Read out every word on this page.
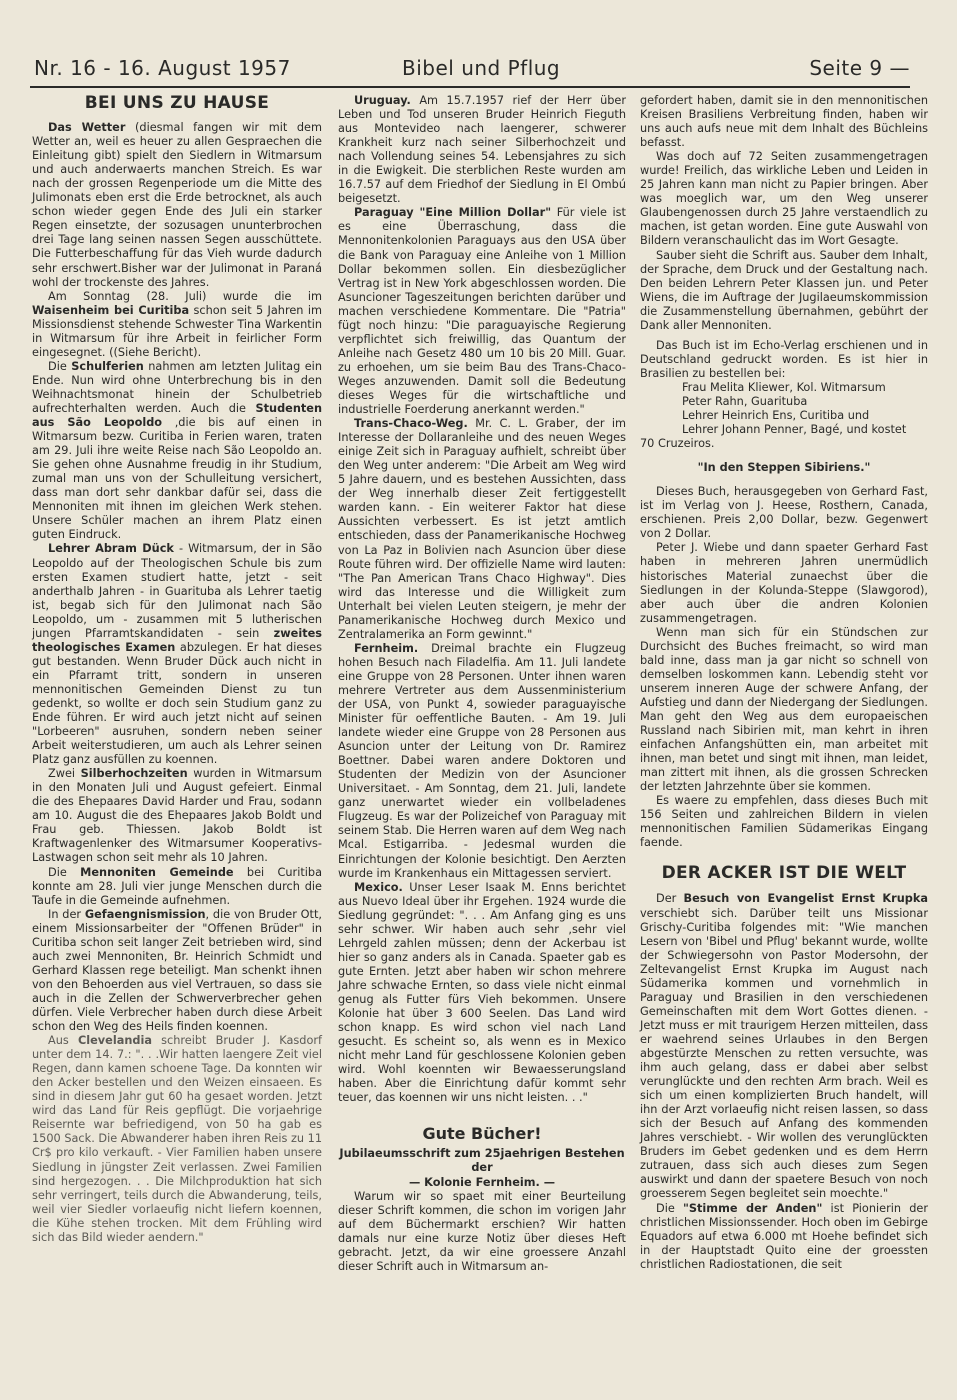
Nr. 16 - 16. August 1957	Bibel und Pflug	Seite 9 —
BEI UNS ZU HAUSE

Das Wetter (diesmal fangen wir mit dem Wetter an, weil es heuer zu allen Gespraechen die Einleitung gibt) spielt den Siedlern in Witmarsum und auch anderwaerts manchen Streich. Es war nach der grossen Regenperiode um die Mitte des Julimonats eben erst die Erde betrocknet, als auch schon wieder gegen Ende des Juli ein starker Regen einsetzte, der sozusagen ununterbrochen drei Tage lang seinen nassen Segen ausschüttete. Die Futterbeschaffung für das Vieh wurde dadurch sehr erschwert.Bisher war der Julimonat in Paraná wohl der trockenste des Jahres.

Am Sonntag (28. Juli) wurde die im Waisenheim bei Curitiba schon seit 5 Jahren im Missionsdienst stehende Schwester Tina Warkentin in Witmarsum für ihre Arbeit in feirlicher Form eingesegnet. ((Siehe Bericht).

Die Schulferien nahmen am letzten Julitag ein Ende. Nun wird ohne Unterbrechung bis in den Weihnachtsmonat hinein der Schulbetrieb aufrechterhalten werden. Auch die Studenten aus São Leopoldo ,die bis auf einen in Witmarsum bezw. Curitiba in Ferien waren, traten am 29. Juli ihre weite Reise nach São Leopoldo an. Sie gehen ohne Ausnahme freudig in ihr Studium, zumal man uns von der Schulleitung versichert, dass man dort sehr dankbar dafür sei, dass die Mennoniten mit ihnen im gleichen Werk stehen. Unsere Schüler machen an ihrem Platz einen guten Eindruck.

Lehrer Abram Dück - Witmarsum, der in São Leopoldo auf der Theologischen Schule bis zum ersten Examen studiert hatte, jetzt - seit anderthalb Jahren - in Guarituba als Lehrer taetig ist, begab sich für den Julimonat nach São Leopoldo, um - zusammen mit 5 lutherischen jungen Pfarramtskandidaten - sein zweites theologisches Examen abzulegen. Er hat dieses gut bestanden. Wenn Bruder Dück auch nicht in ein Pfarramt tritt, sondern in unseren mennonitischen Gemeinden Dienst zu tun gedenkt, so wollte er doch sein Studium ganz zu Ende führen. Er wird auch jetzt nicht auf seinen "Lorbeeren" ausruhen, sondern neben seiner Arbeit weiterstudieren, um auch als Lehrer seinen Platz ganz ausfüllen zu koennen.

Zwei Silberhochzeiten wurden in Witmarsum in den Monaten Juli und August gefeiert. Einmal die des Ehepaares David Harder und Frau, sodann am 10. August die des Ehepaares Jakob Boldt und Frau geb. Thiessen. Jakob Boldt ist Kraftwagenlenker des Witmarsumer Kooperativs-Lastwagen schon seit mehr als 10 Jahren.

Die Mennoniten Gemeinde bei Curitiba konnte am 28. Juli vier junge Menschen durch die Taufe in die Gemeinde aufnehmen.

In der Gefaengnismission, die von Bruder Ott, einem Missionsarbeiter der "Offenen Brüder" in Curitiba schon seit langer Zeit betrieben wird, sind auch zwei Mennoniten, Br. Heinrich Schmidt und Gerhard Klassen rege beteiligt. Man schenkt ihnen von den Behoerden aus viel Vertrauen, so dass sie auch in die Zellen der Schwerverbrecher gehen dürfen. Viele Verbrecher haben durch diese Arbeit schon den Weg des Heils finden koennen.

Aus Clevelandia schreibt Bruder J. Kasdorf unter dem 14. 7.: ". . .Wir hatten laengere Zeit viel Regen, dann kamen schoene Tage. Da konnten wir den Acker bestellen und den Weizen einsaeen. Es sind in diesem Jahr gut 60 ha gesaet worden. Jetzt wird das Land für Reis gepflügt. Die vorjaehrige Reisernte war befriedigend, von 50 ha gab es 1500 Sack. Die Abwanderer haben ihren Reis zu 11 Cr$ pro kilo verkauft. - Vier Familien haben unsere Siedlung in jüngster Zeit verlassen. Zwei Familien sind hergezogen. . . Die Milchproduktion hat sich sehr verringert, teils durch die Abwanderung, teils, weil vier Siedler vorlaeufig nicht liefern koennen, die Kühe stehen trocken. Mit dem Frühling wird sich das Bild wieder aendern."

Uruguay. Am 15.7.1957 rief der Herr über Leben und Tod unseren Bruder Heinrich Fieguth aus Montevideo nach laengerer, schwerer Krankheit kurz nach seiner Silberhochzeit und nach Vollendung seines 54. Lebensjahres zu sich in die Ewigkeit. Die sterblichen Reste wurden am 16.7.57 auf dem Friedhof der Siedlung in El Ombú beigesetzt.

Paraguay "Eine Million Dollar" Für viele ist es eine Überraschung, dass die Mennonitenkolonien Paraguays aus den USA über die Bank von Paraguay eine Anleihe von 1 Million Dollar bekommen sollen. Ein diesbezüglicher Vertrag ist in New York abgeschlossen worden. Die Asuncioner Tageszeitungen berichten darüber und machen verschiedene Kommentare. Die "Patria" fügt noch hinzu: "Die paraguayische Regierung verpflichtet sich freiwillig, das Quantum der Anleihe nach Gesetz 480 um 10 bis 20 Mill. Guar. zu erhoehen, um sie beim Bau des Trans-Chaco-Weges anzuwenden. Damit soll die Bedeutung dieses Weges für die wirtschaftliche und industrielle Foerderung anerkannt werden."

Trans-Chaco-Weg. Mr. C. L. Graber, der im Interesse der Dollaranleihe und des neuen Weges einige Zeit sich in Paraguay aufhielt, schreibt über den Weg unter anderem: "Die Arbeit am Weg wird 5 Jahre dauern, und es bestehen Aussichten, dass der Weg innerhalb dieser Zeit fertiggestellt warden kann. - Ein weiterer Faktor hat diese Aussichten verbessert. Es ist jetzt amtlich entschieden, dass der Panamerikanische Hochweg von La Paz in Bolivien nach Asuncion über diese Route führen wird. Der offizielle Name wird lauten: "The Pan American Trans Chaco Highway". Dies wird das Interesse und die Willigkeit zum Unterhalt bei vielen Leuten steigern, je mehr der Panamerikanische Hochweg durch Mexico und Zentralamerika an Form gewinnt."

Fernheim. Dreimal brachte ein Flugzeug hohen Besuch nach Filadelfia. Am 11. Juli landete eine Gruppe von 28 Personen. Unter ihnen waren mehrere Vertreter aus dem Aussenministerium der USA, von Punkt 4, sowieder paraguayische Minister für oeffentliche Bauten. - Am 19. Juli landete wieder eine Gruppe von 28 Personen aus Asuncion unter der Leitung von Dr. Ramirez Boettner. Dabei waren andere Doktoren und Studenten der Medizin von der Asuncioner Universitaet. - Am Sonntag, dem 21. Juli, landete ganz unerwartet wieder ein vollbeladenes Flugzeug. Es war der Polizeichef von Paraguay mit seinem Stab. Die Herren waren auf dem Weg nach Mcal. Estigarriba. - Jedesmal wurden die Einrichtungen der Kolonie besichtigt. Den Aerzten wurde im Krankenhaus ein Mittagessen serviert.

Mexico. Unser Leser Isaak M. Enns berichtet aus Nuevo Ideal über ihr Ergehen. 1924 wurde die Siedlung gegründet: ". . . Am Anfang ging es uns sehr schwer. Wir haben auch sehr ,sehr viel Lehrgeld zahlen müssen; denn der Ackerbau ist hier so ganz anders als in Canada. Spaeter gab es gute Ernten. Jetzt aber haben wir schon mehrere Jahre schwache Ernten, so dass viele nicht einmal genug als Futter fürs Vieh bekommen. Unsere Kolonie hat über 3 600 Seelen. Das Land wird schon knapp. Es wird schon viel nach Land gesucht. Es scheint so, als wenn es in Mexico nicht mehr Land für geschlossene Kolonien geben wird. Wohl koennten wir Bewaesserungsland haben. Aber die Einrichtung dafür kommt sehr teuer, das koennen wir uns nicht leisten. . ."

Gute Bücher!

Jubilaeumsschrift zum 25jaehrigen Bestehen der

— Kolonie Fernheim. —

Warum wir so spaet mit einer Beurteilung dieser Schrift kommen, die schon im vorigen Jahr auf dem Büchermarkt erschien? Wir hatten damals nur eine kurze Notiz über dieses Heft gebracht. Jetzt, da wir eine groessere Anzahl dieser Schrift auch in Witmarsum an-

gefordert haben, damit sie in den mennonitischen Kreisen Brasiliens Verbreitung finden, haben wir uns auch aufs neue mit dem Inhalt des Büchleins befasst.

Was doch auf 72 Seiten zusammengetragen wurde! Freilich, das wirkliche Leben und Leiden in 25 Jahren kann man nicht zu Papier bringen. Aber was moeglich war, um den Weg unserer Glaubengenossen durch 25 Jahre verstaendlich zu machen, ist getan worden. Eine gute Auswahl von Bildern veranschaulicht das im Wort Gesagte.

Sauber sieht die Schrift aus. Sauber dem Inhalt, der Sprache, dem Druck und der Gestaltung nach. Den beiden Lehrern Peter Klassen jun. und Peter Wiens, die im Auftrage der Jugilaeumskommission die Zusammenstellung übernahmen, gebührt der Dank aller Mennoniten.

Das Buch ist im Echo-Verlag erschienen und in Deutschland gedruckt worden. Es ist hier in Brasilien zu bestellen bei:

Frau Melita Kliewer, Kol. Witmarsum

Peter Rahn, Guarituba

Lehrer Heinrich Ens, Curitiba und

Lehrer Johann Penner, Bagé, und kostet

70 Cruzeiros.

"In den Steppen Sibiriens."

Dieses Buch, herausgegeben von Gerhard Fast, ist im Verlag von J. Heese, Rosthern, Canada, erschienen. Preis 2,00 Dollar, bezw. Gegenwert von 2 Dollar.

Peter J. Wiebe und dann spaeter Gerhard Fast haben in mehreren Jahren unermüdlich historisches Material zunaechst über die Siedlungen in der Kolunda-Steppe (Slawgorod), aber auch über die andren Kolonien zusammengetragen.

Wenn man sich für ein Stündschen zur Durchsicht des Buches freimacht, so wird man bald inne, dass man ja gar nicht so schnell von demselben loskommen kann. Lebendig steht vor unserem inneren Auge der schwere Anfang, der Aufstieg und dann der Niedergang der Siedlungen. Man geht den Weg aus dem europaeischen Russland nach Sibirien mit, man kehrt in ihren einfachen Anfangshütten ein, man arbeitet mit ihnen, man betet und singt mit ihnen, man leidet, man zittert mit ihnen, als die grossen Schrecken der letzten Jahrzehnte über sie kommen.

Es waere zu empfehlen, dass dieses Buch mit 156 Seiten und zahlreichen Bildern in vielen mennonitischen Familien Südamerikas Eingang faende.

DER ACKER IST DIE WELT

Der Besuch von Evangelist Ernst Krupka verschiebt sich. Darüber teilt uns Missionar Grischy-Curitiba folgendes mit: "Wie manchen Lesern von 'Bibel und Pflug' bekannt wurde, wollte der Schwiegersohn von Pastor Modersohn, der Zeltevangelist Ernst Krupka im August nach Südamerika kommen und vornehmlich in Paraguay und Brasilien in den verschiedenen Gemeinschaften mit dem Wort Gottes dienen. - Jetzt muss er mit traurigem Herzen mitteilen, dass er waehrend seines Urlaubes in den Bergen abgestürzte Menschen zu retten versuchte, was ihm auch gelang, dass er dabei aber selbst verunglückte und den rechten Arm brach. Weil es sich um einen komplizierten Bruch handelt, will ihn der Arzt vorlaeufig nicht reisen lassen, so dass sich der Besuch auf Anfang des kommenden Jahres verschiebt. - Wir wollen des verunglückten Bruders im Gebet gedenken und es dem Herrn zutrauen, dass sich auch dieses zum Segen auswirkt und dann der spaetere Besuch von noch groesserem Segen begleitet sein moechte."

Die "Stimme der Anden" ist Pionierin der christlichen Missionssender. Hoch oben im Gebirge Equadors auf etwa 6.000 mt Hoehe befindet sich in der Hauptstadt Quito eine der groessten christlichen Radiostationen, die seit
